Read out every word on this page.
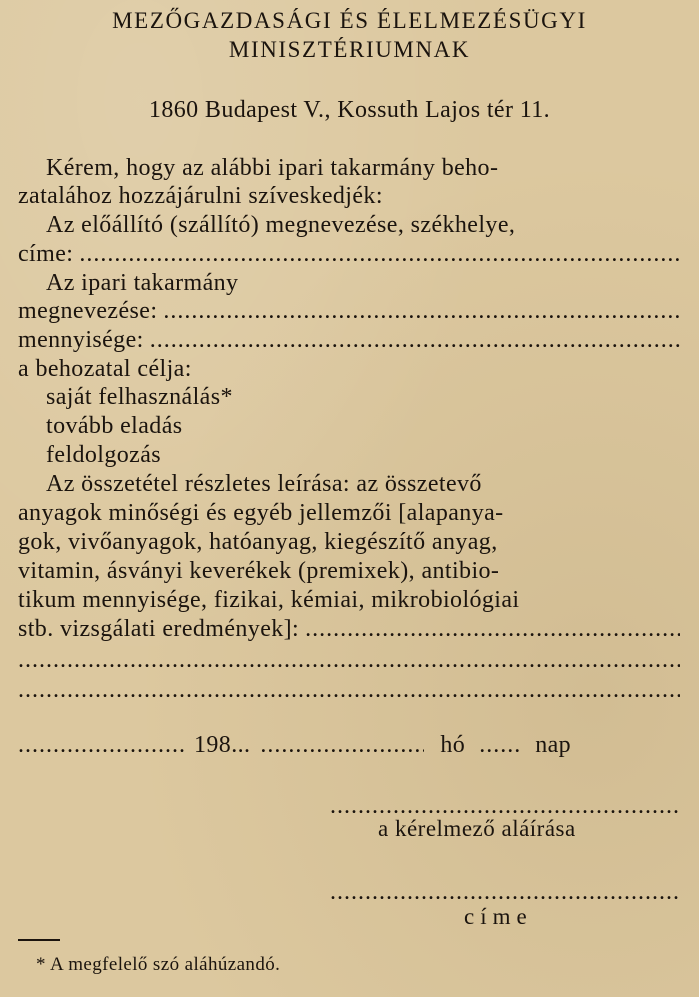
MEZŐGAZDASÁGI ÉS ÉLELMEZÉSÜGYI
MINISZTÉRIUMNAK
1860 Budapest V., Kossuth Lajos tér 11.
Kérem, hogy az alábbi ipari takarmány beho-
zatalához hozzájárulni szíveskedjék:
Az előállító (szállító) megnevezése, székhelye,
címe:
.....
Az ipari takarmány
megnevezése:
.....
mennyisége:
.....
a behozatal célja:
saját felhasználás*
tovább eladás
feldolgozás
Az összetétel részletes leírása: az összetevő
anyagok minőségi és egyéb jellemzői [alapanya-
gok, vivőanyagok, hatóanyag, kiegészítő anyag,
vitamin, ásványi keverékek (premixek), antibio-
tikum mennyisége, fizikai, kémiai, mikrobiológiai
stb. vizsgálati eredmények]:
.....
.....
.....
.....
198...
.....	hó ...... nap
.....
a kérelmező aláírása
.....
címe
* A megfelelő szó aláhúzandó.
